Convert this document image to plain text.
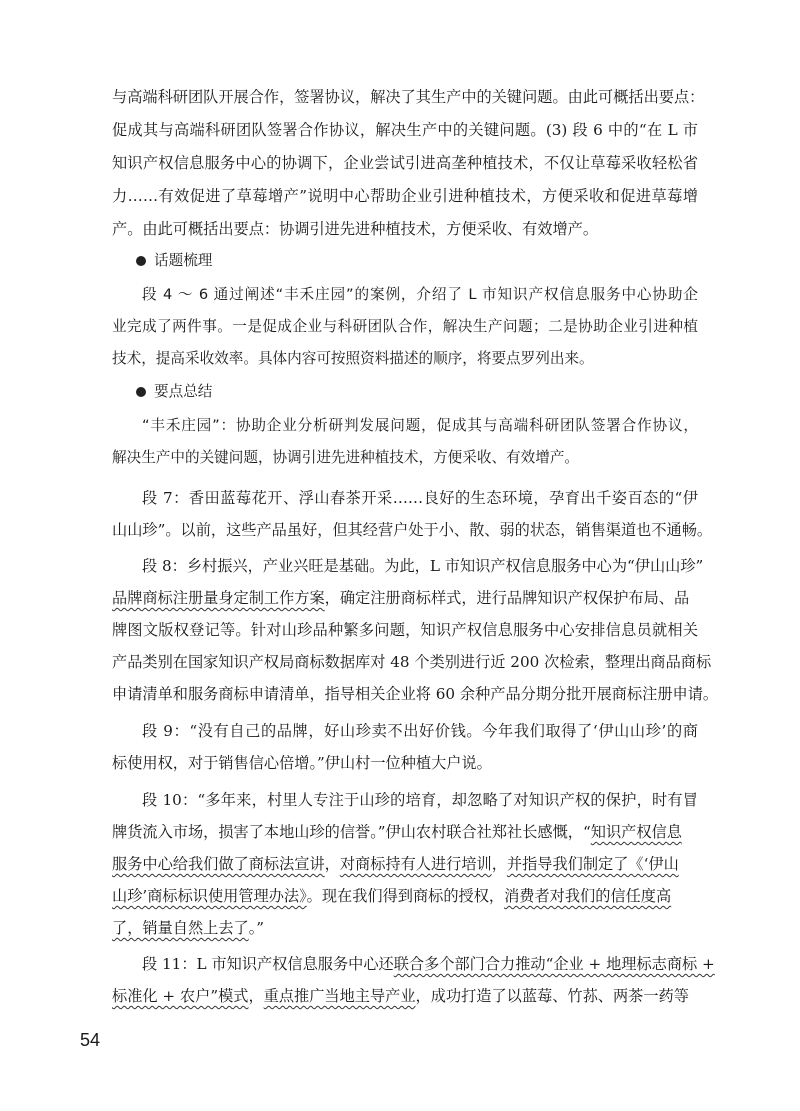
与高端科研团队开展合作，签署协议，解决了其生产中的关键问题。由此可概括出要点：
促成其与高端科研团队签署合作协议，解决生产中的关键问题。(3) 段 6 中的“在 L 市
知识产权信息服务中心的协调下，企业尝试引进高垄种植技术，不仅让草莓采收轻松省
力……有效促进了草莓增产”说明中心帮助企业引进种植技术，方便采收和促进草莓增
产。由此可概括出要点：协调引进先进种植技术，方便采收、有效增产。
话题梳理
段 4 ～ 6 通过阐述“丰禾庄园”的案例，介绍了 L 市知识产权信息服务中心协助企
业完成了两件事。一是促成企业与科研团队合作，解决生产问题；二是协助企业引进种植
技术，提高采收效率。具体内容可按照资料描述的顺序，将要点罗列出来。
要点总结
“丰禾庄园”：协助企业分析研判发展问题，促成其与高端科研团队签署合作协议，
解决生产中的关键问题，协调引进先进种植技术，方便采收、有效增产。
段 7：香田蓝莓花开、浮山春茶开采……良好的生态环境，孕育出千姿百态的“伊
山山珍”。以前，这些产品虽好，但其经营户处于小、散、弱的状态，销售渠道也不通畅。
段 8：乡村振兴，产业兴旺是基础。为此，L 市知识产权信息服务中心为“伊山山珍”
品牌商标注册量身定制工作方案，确定注册商标样式，进行品牌知识产权保护布局、品
牌图文版权登记等。针对山珍品种繁多问题，知识产权信息服务中心安排信息员就相关
产品类别在国家知识产权局商标数据库对 48 个类别进行近 200 次检索，整理出商品商标
申请清单和服务商标申请清单，指导相关企业将 60 余种产品分期分批开展商标注册申请。
段 9：“没有自己的品牌，好山珍卖不出好价钱。今年我们取得了‘伊山山珍’的商
标使用权，对于销售信心倍增。”伊山村一位种植大户说。
段 10：“多年来，村里人专注于山珍的培育，却忽略了对知识产权的保护，时有冒
牌货流入市场，损害了本地山珍的信誉。”伊山农村联合社郑社长感慨，“知识产权信息
服务中心给我们做了商标法宣讲，对商标持有人进行培训，并指导我们制定了《‘伊山
山珍’商标标识使用管理办法》。现在我们得到商标的授权，消费者对我们的信任度高
了，销量自然上去了。”
段 11：L 市知识产权信息服务中心还联合多个部门合力推动“企业 + 地理标志商标 +
标准化 + 农户”模式，重点推广当地主导产业，成功打造了以蓝莓、竹荪、两茶一药等
54
